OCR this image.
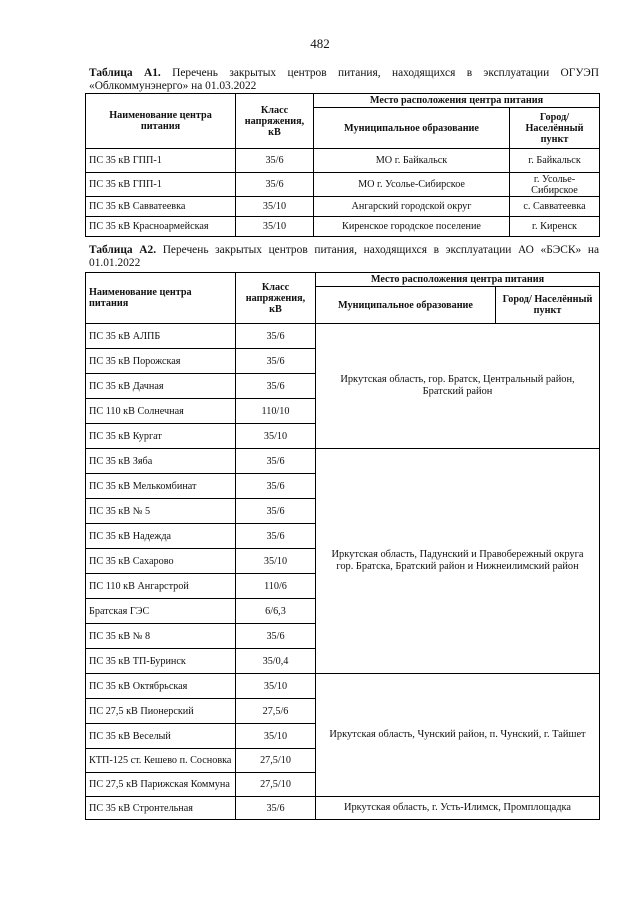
482
Таблица А1. Перечень закрытых центров питания, находящихся в эксплуатации ОГУЭП «Облкоммунэнерго» на 01.03.2022
Наименование центра питания	Класс напряжения, кВ	Место расположения центра питания	
		Муниципальное образование	Город/ Населённый пункт
ПС 35 кВ ГПП-1	35/6	МО г. Байкальск	г. Байкальск
ПС 35 кВ ГПП-1	35/6	МО г. Усолье-Сибирское	г. Усолье-Сибирское
ПС 35 кВ Савватеевка	35/10	Ангарский городской округ	с. Савватеевка
ПС 35 кВ Красноармейская	35/10	Киренское городское поселение	г. Киренск
Таблица А2. Перечень закрытых центров питания, находящихся в эксплуатации АО «БЭСК» на 01.01.2022
Наименование центра питания	Класс напряжения, кВ	Место расположения центра питания	
		Муниципальное образование	Город/ Населённый пункт
ПС 35 кВ АЛПБ	35/6	Иркутская область, гор. Братск, Центральный район, Братский район	
ПС 35 кВ Порожская	35/6		
ПС 35 кВ Дачная	35/6		
ПС 110 кВ Солнечная	110/10		
ПС 35 кВ Кургат	35/10		
ПС 35 кВ Зяба	35/6	Иркутская область, Падунский и Правобережный округа гор. Братска, Братский район и Нижнеилимский район	
ПС 35 кВ Мелькомбинат	35/6		
ПС 35 кВ № 5	35/6		
ПС 35 кВ Надежда	35/6		
ПС 35 кВ Сахарово	35/10		
ПС 110 кВ Ангарстрой	110/6		
Братская ГЭС	6/6,3		
ПС 35 кВ № 8	35/6		
ПС 35 кВ ТП-Буринск	35/0,4		
ПС 35 кВ Октябрьская	35/10	Иркутская область, Чунский район, п. Чунский, г. Тайшет	
ПС 27,5 кВ Пионерский	27,5/6		
ПС 35 кВ Веселый	35/10		
КТП-125 ст. Кешево п. Сосновка	27,5/10		
ПС 27,5 кВ Парижская Коммуна	27,5/10		
ПС 35 кВ Стронтельная	35/6	Иркутская область, г. Усть-Илимск, Промплощадка	
